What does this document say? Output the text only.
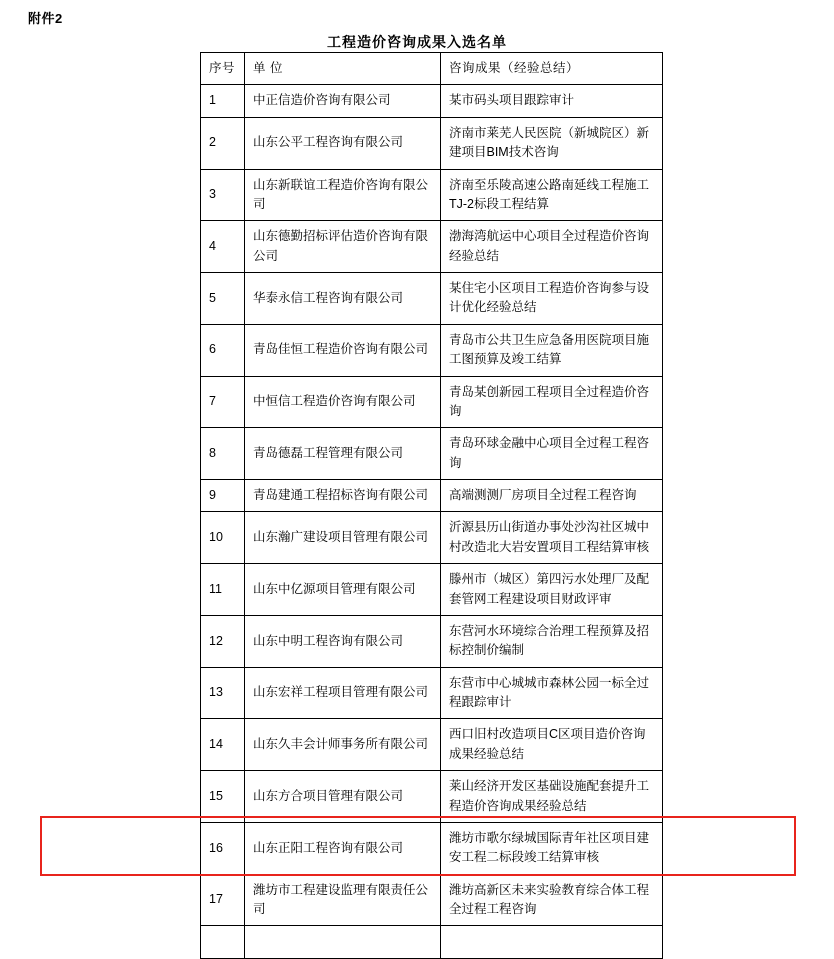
附件2
工程造价咨询成果入选名单
序号	单 位	咨询成果（经验总结）
1	中正信造价咨询有限公司	某市码头项目跟踪审计
2	山东公平工程咨询有限公司	济南市莱芜人民医院（新城院区）新建项目BIM技术咨询
3	山东新联谊工程造价咨询有限公司	济南至乐陵高速公路南延线工程施工TJ-2标段工程结算
4	山东德勤招标评估造价咨询有限公司	渤海湾航运中心项目全过程造价咨询经验总结
5	华泰永信工程咨询有限公司	某住宅小区项目工程造价咨询参与设计优化经验总结
6	青岛佳恒工程造价咨询有限公司	青岛市公共卫生应急备用医院项目施工图预算及竣工结算
7	中恒信工程造价咨询有限公司	青岛某创新园工程项目全过程造价咨询
8	青岛德磊工程管理有限公司	青岛环球金融中心项目全过程工程咨询
9	青岛建通工程招标咨询有限公司	高端测测厂房项目全过程工程咨询
10	山东瀚广建设项目管理有限公司	沂源县历山街道办事处沙沟社区城中村改造北大岩安置项目工程结算审核
11	山东中亿源项目管理有限公司	滕州市（城区）第四污水处理厂及配套管网工程建设项目财政评审
12	山东中明工程咨询有限公司	东营河水环境综合治理工程预算及招标控制价编制
13	山东宏祥工程项目管理有限公司	东营市中心城城市森林公园一标全过程跟踪审计
14	山东久丰会计师事务所有限公司	西口旧村改造项目C区项目造价咨询成果经验总结
15	山东方合项目管理有限公司	莱山经济开发区基础设施配套提升工程造价咨询成果经验总结
16	山东正阳工程咨询有限公司	潍坊市歌尔绿城国际青年社区项目建安工程二标段竣工结算审核
17	潍坊市工程建设监理有限责任公司	潍坊高新区未来实验教育综合体工程全过程工程咨询
